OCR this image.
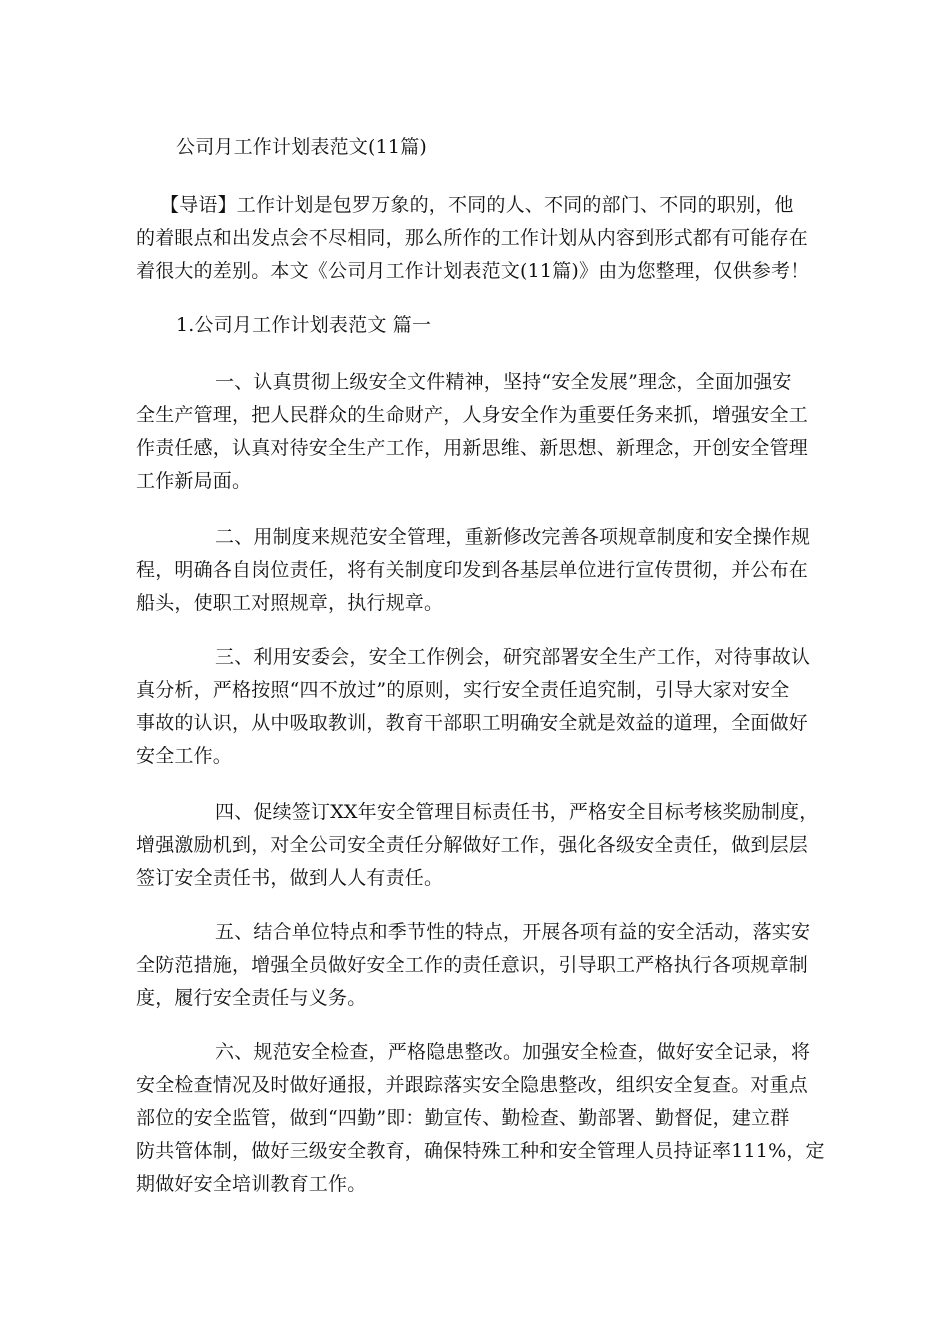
公司月工作计划表范文(11篇)
【导语】工作计划是包罗万象的，不同的人、不同的部门、不同的职别，他
的着眼点和出发点会不尽相同，那么所作的工作计划从内容到形式都有可能存在
着很大的差别。本文《公司月工作计划表范文(11篇)》由为您整理，仅供参考！
1.公司月工作计划表范文 篇一
一、认真贯彻上级安全文件精神，坚持“安全发展”理念，全面加强安
全生产管理，把人民群众的生命财产，人身安全作为重要任务来抓，增强安全工
作责任感，认真对待安全生产工作，用新思维、新思想、新理念，开创安全管理
工作新局面。
二、用制度来规范安全管理，重新修改完善各项规章制度和安全操作规
程，明确各自岗位责任，将有关制度印发到各基层单位进行宣传贯彻，并公布在
船头，使职工对照规章，执行规章。
三、利用安委会，安全工作例会，研究部署安全生产工作，对待事故认
真分析，严格按照“四不放过”的原则，实行安全责任追究制，引导大家对安全
事故的认识，从中吸取教训，教育干部职工明确安全就是效益的道理，全面做好
安全工作。
四、促续签订XX年安全管理目标责任书，严格安全目标考核奖励制度，
增强激励机到，对全公司安全责任分解做好工作，强化各级安全责任，做到层层
签订安全责任书，做到人人有责任。
五、结合单位特点和季节性的特点，开展各项有益的安全活动，落实安
全防范措施，增强全员做好安全工作的责任意识，引导职工严格执行各项规章制
度，履行安全责任与义务。
六、规范安全检查，严格隐患整改。加强安全检查，做好安全记录，将
安全检查情况及时做好通报，并跟踪落实安全隐患整改，组织安全复查。对重点
部位的安全监管，做到“四勤”即：勤宣传、勤检查、勤部署、勤督促，建立群
防共管体制，做好三级安全教育，确保特殊工种和安全管理人员持证率111%，定
期做好安全培训教育工作。
